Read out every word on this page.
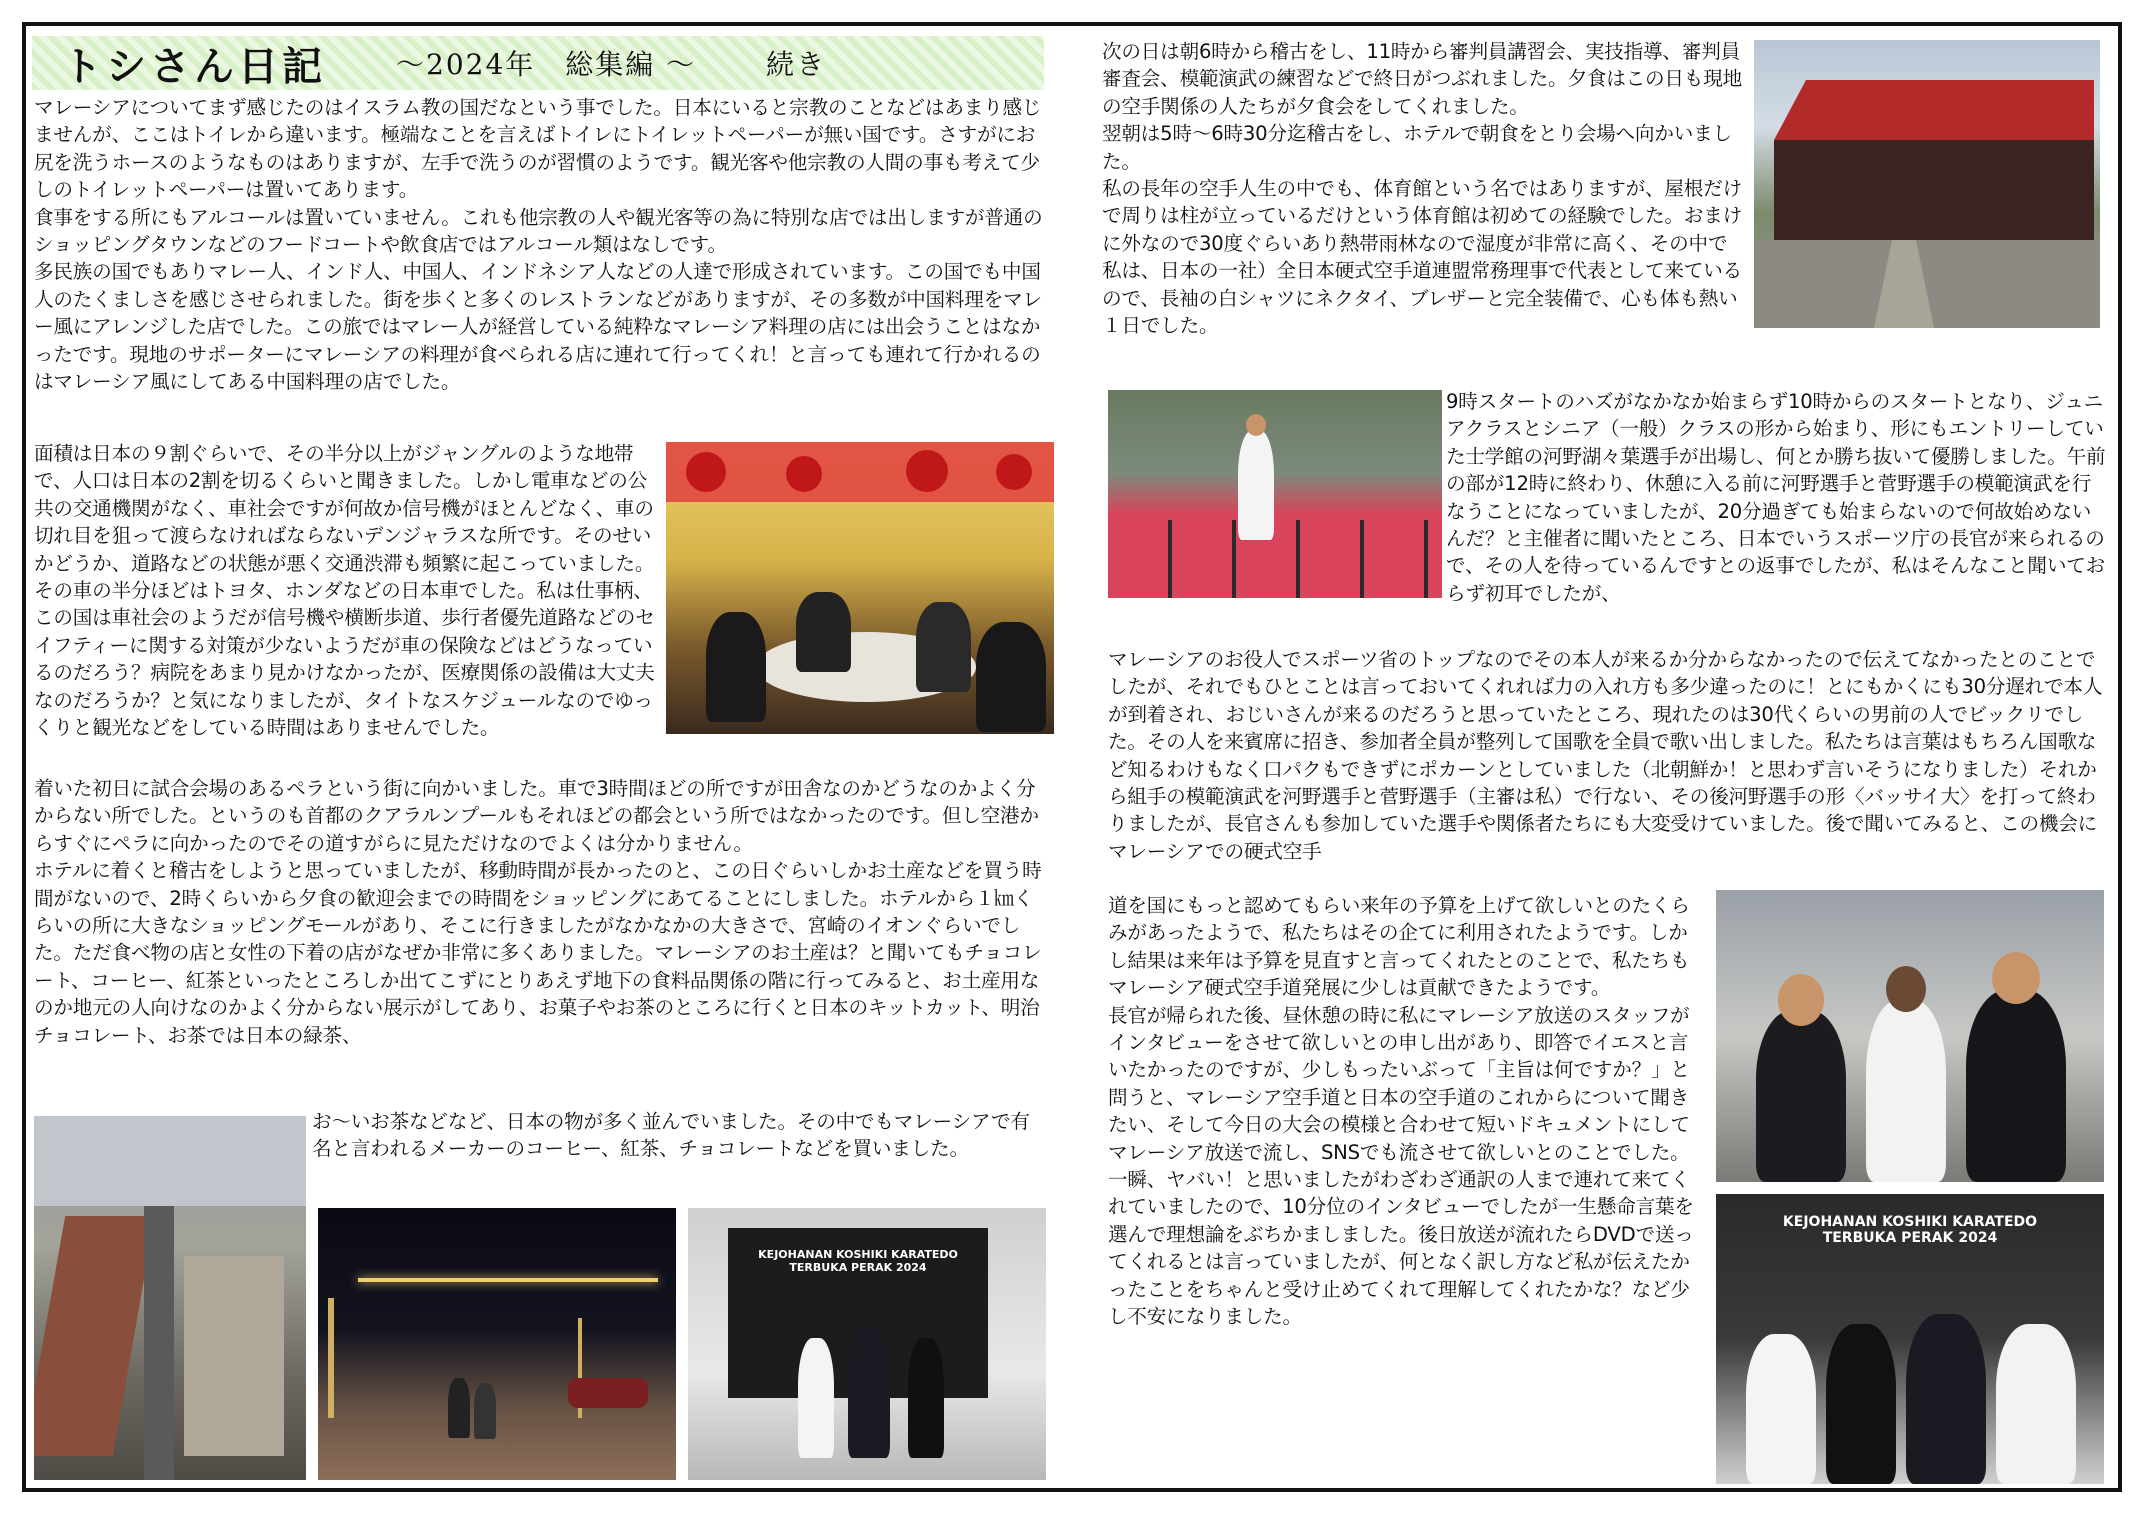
トシさん日記	～2024年　総集編 ～	続き

マレーシアについてまず感じたのはイスラム教の国だなという事でした。日本にいると宗教のことなどはあまり感じませんが、ここはトイレから違います。極端なことを言えばトイレにトイレットペーパーが無い国です。さすがにお尻を洗うホースのようなものはありますが、左手で洗うのが習慣のようです。観光客や他宗教の人間の事も考えて少しのトイレットペーパーは置いてあります。

食事をする所にもアルコールは置いていません。これも他宗教の人や観光客等の為に特別な店では出しますが普通のショッピングタウンなどのフードコートや飲食店ではアルコール類はなしです。

多民族の国でもありマレー人、インド人、中国人、インドネシア人などの人達で形成されています。この国でも中国人のたくましさを感じさせられました。街を歩くと多くのレストランなどがありますが、その多数が中国料理をマレー風にアレンジした店でした。この旅ではマレー人が経営している純粋なマレーシア料理の店には出会うことはなかったです。現地のサポーターにマレーシアの料理が食べられる店に連れて行ってくれ！と言っても連れて行かれるのはマレーシア風にしてある中国料理の店でした。

面積は日本の９割ぐらいで、その半分以上がジャングルのような地帯で、人口は日本の2割を切るくらいと聞きました。しかし電車などの公共の交通機関がなく、車社会ですが何故か信号機がほとんどなく、車の切れ目を狙って渡らなければならないデンジャラスな所です。そのせいかどうか、道路などの状態が悪く交通渋滞も頻繁に起こっていました。その車の半分ほどはトヨタ、ホンダなどの日本車でした。私は仕事柄、この国は車社会のようだが信号機や横断歩道、歩行者優先道路などのセイフティーに関する対策が少ないようだが車の保険などはどうなっているのだろう？病院をあまり見かけなかったが、医療関係の設備は大丈夫なのだろうか？と気になりましたが、タイトなスケジュールなのでゆっくりと観光などをしている時間はありませんでした。

着いた初日に試合会場のあるペラという街に向かいました。車で3時間ほどの所ですが田舎なのかどうなのかよく分からない所でした。というのも首都のクアラルンプールもそれほどの都会という所ではなかったのです。但し空港からすぐにペラに向かったのでその道すがらに見ただけなのでよくは分かりません。

ホテルに着くと稽古をしようと思っていましたが、移動時間が長かったのと、この日ぐらいしかお土産などを買う時間がないので、2時くらいから夕食の歓迎会までの時間をショッピングにあてることにしました。ホテルから１㎞くらいの所に大きなショッピングモールがあり、そこに行きましたがなかなかの大きさで、宮崎のイオンぐらいでした。ただ食べ物の店と女性の下着の店がなぜか非常に多くありました。マレーシアのお土産は？と聞いてもチョコレート、コーヒー、紅茶といったところしか出てこずにとりあえず地下の食料品関係の階に行ってみると、お土産用なのか地元の人向けなのかよく分からない展示がしてあり、お菓子やお茶のところに行くと日本のキットカット、明治チョコレート、お茶では日本の緑茶、

お～いお茶などなど、日本の物が多く並んでいました。その中でもマレーシアで有名と言われるメーカーのコーヒー、紅茶、チョコレートなどを買いました。

KEJOHANAN KOSHIKI KARATEDO
TERBUKA PERAK 2024

次の日は朝6時から稽古をし、11時から審判員講習会、実技指導、審判員審査会、模範演武の練習などで終日がつぶれました。夕食はこの日も現地の空手関係の人たちが夕食会をしてくれました。

翌朝は5時～6時30分迄稽古をし、ホテルで朝食をとり会場へ向かいました。

私の長年の空手人生の中でも、体育館という名ではありますが、屋根だけで周りは柱が立っているだけという体育館は初めての経験でした。おまけに外なので30度ぐらいあり熱帯雨林なので湿度が非常に高く、その中で私は、日本の一社）全日本硬式空手道連盟常務理事で代表として来ているので、長袖の白シャツにネクタイ、ブレザーと完全装備で、心も体も熱い１日でした。

9時スタートのハズがなかなか始まらず10時からのスタートとなり、ジュニアクラスとシニア（一般）クラスの形から始まり、形にもエントリーしていた士学館の河野湖々葉選手が出場し、何とか勝ち抜いて優勝しました。午前の部が12時に終わり、休憩に入る前に河野選手と菅野選手の模範演武を行なうことになっていましたが、20分過ぎても始まらないので何故始めないんだ？と主催者に聞いたところ、日本でいうスポーツ庁の長官が来られるので、その人を待っているんですとの返事でしたが、私はそんなこと聞いておらず初耳でしたが、

マレーシアのお役人でスポーツ省のトップなのでその本人が来るか分からなかったので伝えてなかったとのことでしたが、それでもひとことは言っておいてくれれば力の入れ方も多少違ったのに！とにもかくにも30分遅れで本人が到着され、おじいさんが来るのだろうと思っていたところ、現れたのは30代くらいの男前の人でビックリでした。その人を来賓席に招き、参加者全員が整列して国歌を全員で歌い出しました。私たちは言葉はもちろん国歌など知るわけもなく口パクもできずにポカーンとしていました（北朝鮮か！と思わず言いそうになりました）それから組手の模範演武を河野選手と菅野選手（主審は私）で行ない、その後河野選手の形〈バッサイ大〉を打って終わりましたが、長官さんも参加していた選手や関係者たちにも大変受けていました。後で聞いてみると、この機会にマレーシアでの硬式空手

道を国にもっと認めてもらい来年の予算を上げて欲しいとのたくらみがあったようで、私たちはその企てに利用されたようです。しかし結果は来年は予算を見直すと言ってくれたとのことで、私たちもマレーシア硬式空手道発展に少しは貢献できたようです。

長官が帰られた後、昼休憩の時に私にマレーシア放送のスタッフがインタビューをさせて欲しいとの申し出があり、即答でイエスと言いたかったのですが、少しもったいぶって「主旨は何ですか？」と問うと、マレーシア空手道と日本の空手道のこれからについて聞きたい、そして今日の大会の模様と合わせて短いドキュメントにしてマレーシア放送で流し、SNSでも流させて欲しいとのことでした。一瞬、ヤバい！と思いましたがわざわざ通訳の人まで連れて来てくれていましたので、10分位のインタビューでしたが一生懸命言葉を選んで理想論をぶちかましました。後日放送が流れたらDVDで送ってくれるとは言っていましたが、何となく訳し方など私が伝えたかったことをちゃんと受け止めてくれて理解してくれたかな？など少し不安になりました。

KEJOHANAN KOSHIKI KARATEDO
TERBUKA PERAK 2024
